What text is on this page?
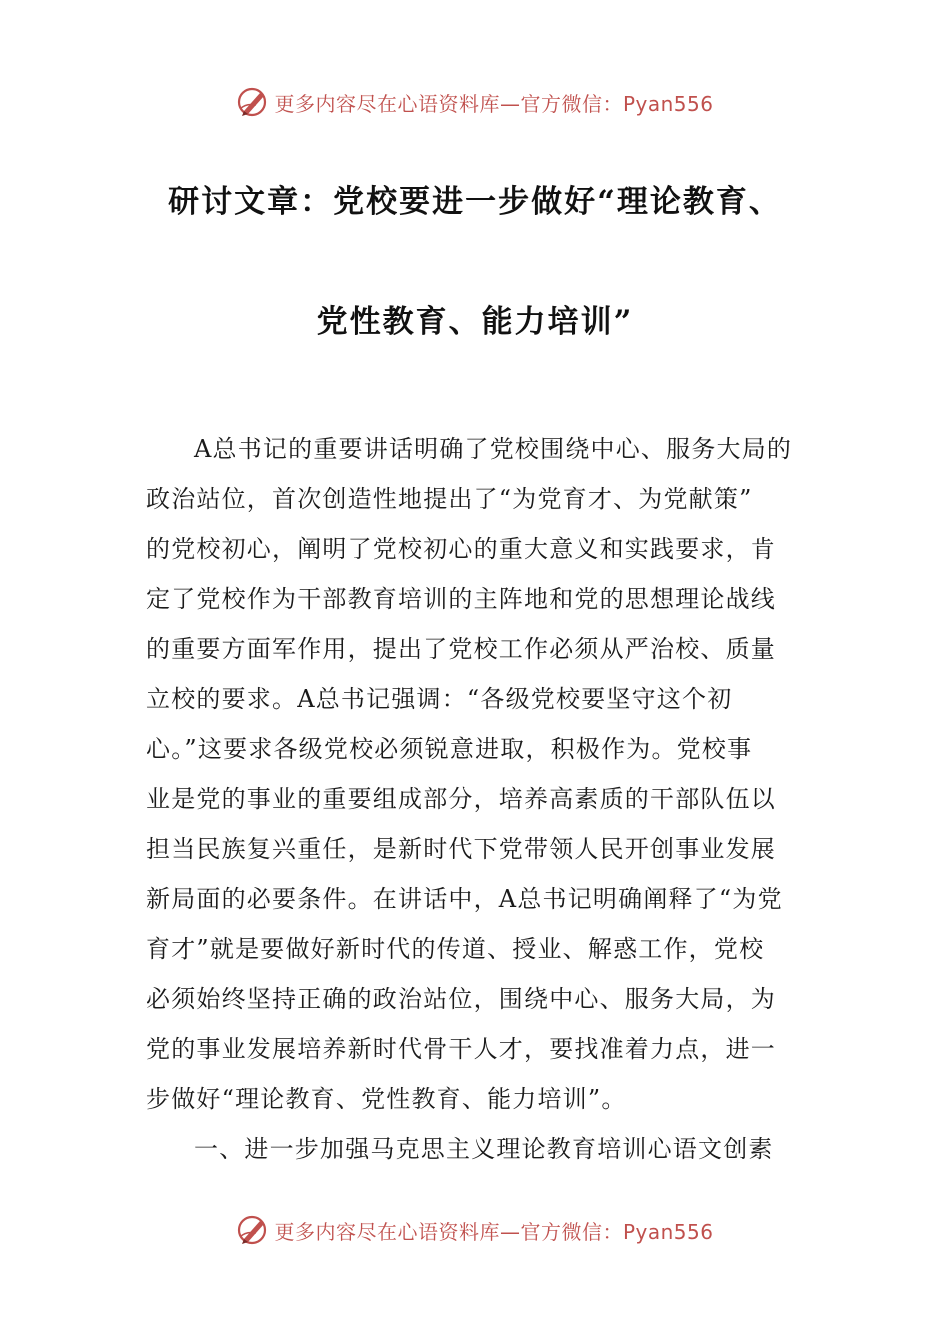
更多内容尽在心语资料库—官方微信：Pyan556
研讨文章：党校要进一步做好“理论教育、
党性教育、能力培训”
A总书记的重要讲话明确了党校围绕中心、服务大局的
政治站位，首次创造性地提出了“为党育才、为党献策”
的党校初心，阐明了党校初心的重大意义和实践要求，肯
定了党校作为干部教育培训的主阵地和党的思想理论战线
的重要方面军作用，提出了党校工作必须从严治校、质量
立校的要求。A总书记强调：“各级党校要坚守这个初
心。”这要求各级党校必须锐意进取，积极作为。党校事
业是党的事业的重要组成部分，培养高素质的干部队伍以
担当民族复兴重任，是新时代下党带领人民开创事业发展
新局面的必要条件。在讲话中，A总书记明确阐释了“为党
育才”就是要做好新时代的传道、授业、解惑工作，党校
必须始终坚持正确的政治站位，围绕中心、服务大局，为
党的事业发展培养新时代骨干人才，要找准着力点，进一
步做好“理论教育、党性教育、能力培训”。
一、进一步加强马克思主义理论教育培训心语文创素
更多内容尽在心语资料库—官方微信：Pyan556
